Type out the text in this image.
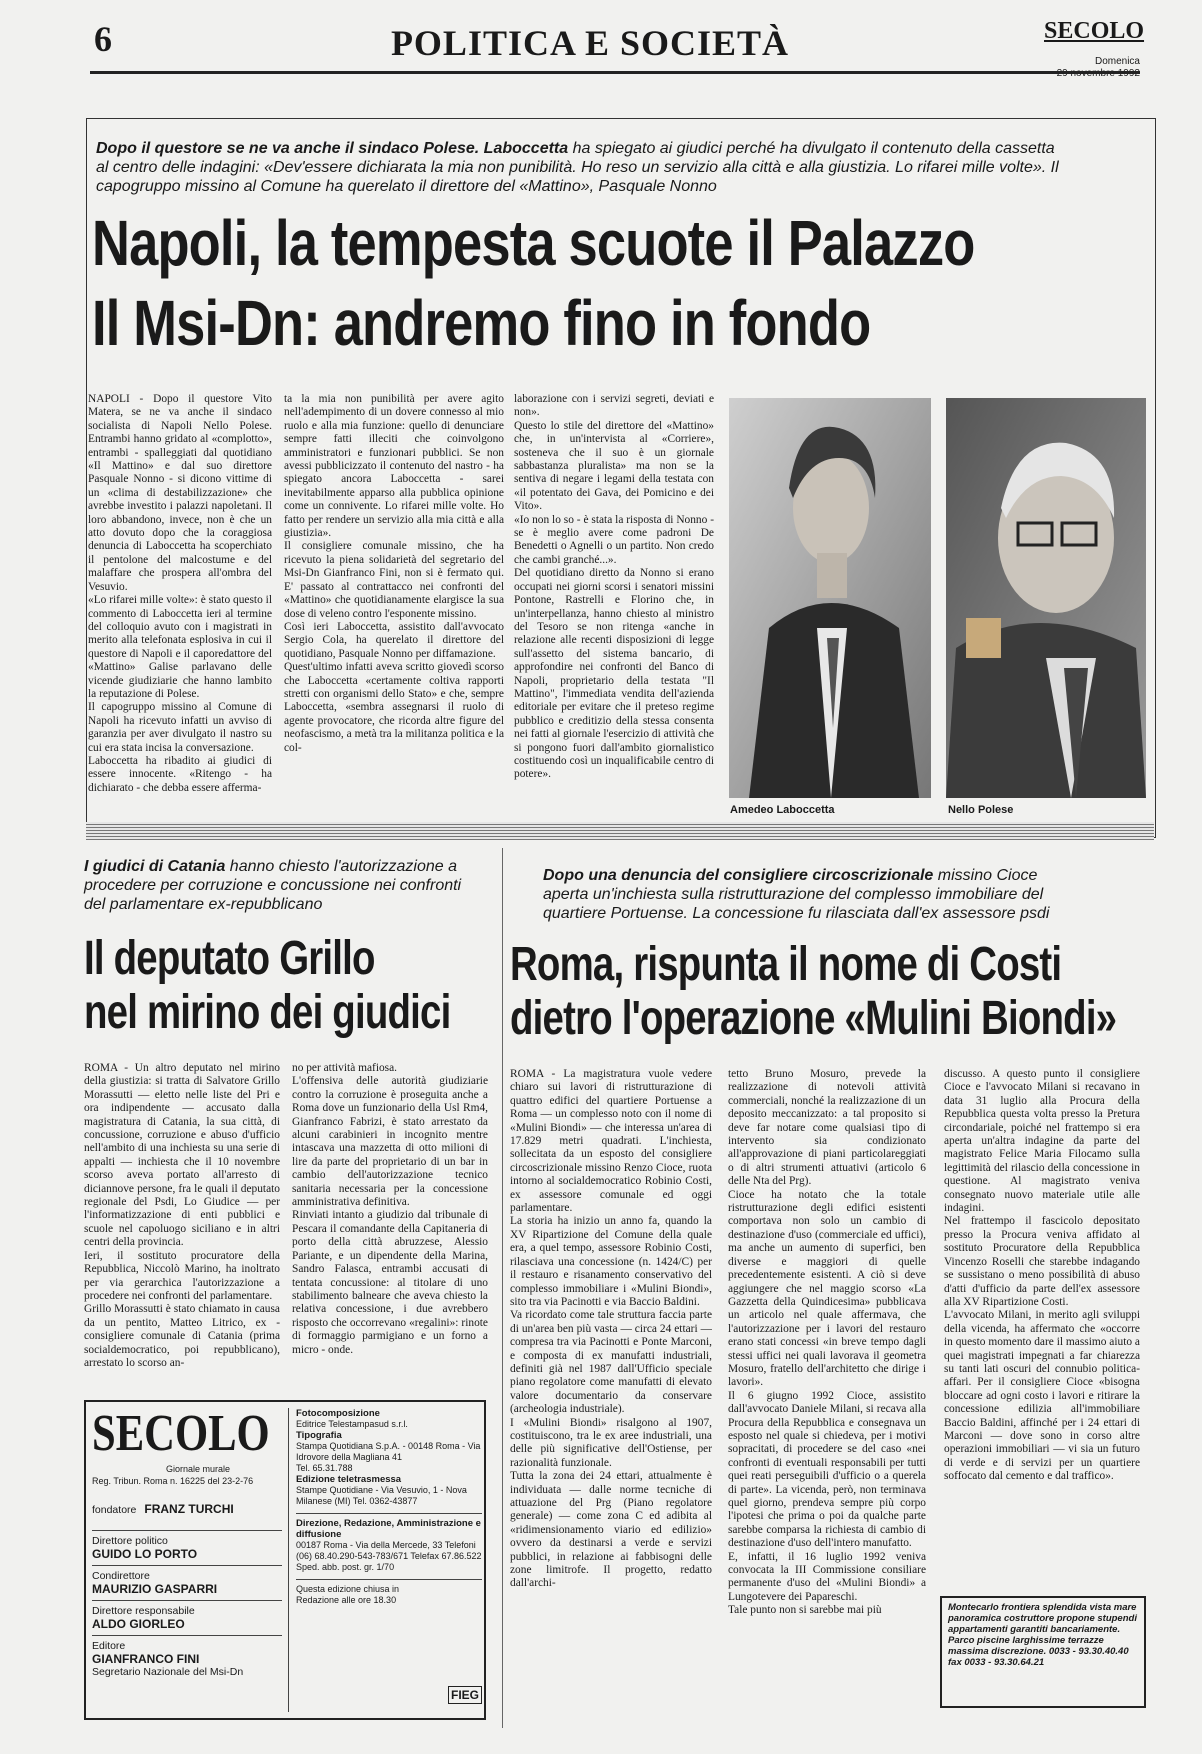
6	POLITICA E SOCIETÀ	SECOLO
Domenica
Dopo il questore se ne va anche il sindaco Polese. Laboccetta ha spiegato ai giudici perché ha divulgato il contenuto della cassetta al centro delle indagini: «Dev'essere dichiarata la mia non punibilità. Ho reso un servizio alla città e alla giustizia. Lo rifarei mille volte». Il capogruppo missino al Comune ha querelato il direttore del «Mattino», Pasquale Nonno
Napoli, la tempesta scuote il Palazzo
Il Msi-Dn: andremo fino in fondo
NAPOLI - Dopo il questore Vito Matera, se ne va anche il sindaco socialista di Napoli Nello Polese. Entrambi hanno gridato al «complotto», entrambi - spalleggiati dal quotidiano «Il Mattino» e dal suo direttore Pasquale Nonno - si dicono vittime di un «clima di destabilizzazione» che avrebbe investito i palazzi napoletani. Il loro abbandono, invece, non è che un atto dovuto dopo che la coraggiosa denuncia di Laboccetta ha scoperchiato il pentolone del malcostume e del malaffare che prospera all'ombra del Vesuvio.
«Lo rifarei mille volte»: è stato questo il commento di Laboccetta ieri al termine del colloquio avuto con i magistrati in merito alla telefonata esplosiva in cui il questore di Napoli e il caporedattore del «Mattino» Galise parlavano delle vicende giudiziarie che hanno lambito la reputazione di Polese.
Il capogruppo missino al Comune di Napoli ha ricevuto infatti un avviso di garanzia per aver divulgato il nastro su cui era stata incisa la conversazione.
Laboccetta ha ribadito ai giudici di essere innocente. «Ritengo - ha dichiarato - che debba essere afferma-
ta la mia non punibilità per avere agito nell'adempimento di un dovere connesso al mio ruolo e alla mia funzione: quello di denunciare sempre fatti illeciti che coinvolgono amministratori e funzionari pubblici. Se non avessi pubblicizzato il contenuto del nastro - ha spiegato ancora Laboccetta - sarei inevitabilmente apparso alla pubblica opinione come un connivente. Lo rifarei mille volte. Ho fatto per rendere un servizio alla mia città e alla giustizia».
Il consigliere comunale missino, che ha ricevuto la piena solidarietà del segretario del Msi-Dn Gianfranco Fini, non si è fermato qui. E' passato al contrattacco nei confronti del «Mattino» che quotidianamente elargisce la sua dose di veleno contro l'esponente missino.
Così ieri Laboccetta, assistito dall'avvocato Sergio Cola, ha querelato il direttore del quotidiano, Pasquale Nonno per diffamazione.
Quest'ultimo infatti aveva scritto giovedì scorso che Laboccetta «certamente coltiva rapporti stretti con organismi dello Stato» e che, sempre Laboccetta, «sembra assegnarsi il ruolo di agente provocatore, che ricorda altre figure del neofascismo, a metà tra la militanza politica e la col-
laborazione con i servizi segreti, deviati e non».
Questo lo stile del direttore del «Mattino» che, in un'intervista al «Corriere», sosteneva che il suo è un giornale sabbastanza pluralista» ma non se la sentiva di negare i legami della testata con «il potentato dei Gava, dei Pomicino e dei Vito».
«Io non lo so - è stata la risposta di Nonno - se è meglio avere come padroni De Benedetti o Agnelli o un partito. Non credo che cambi granché...».
Del quotidiano diretto da Nonno si erano occupati nei giorni scorsi i senatori missini Pontone, Rastrelli e Florino che, in un'interpellanza, hanno chiesto al ministro del Tesoro se non ritenga «anche in relazione alle recenti disposizioni di legge sull'assetto del sistema bancario, di approfondire nei confronti del Banco di Napoli, proprietario della testata "Il Mattino", l'immediata vendita dell'azienda editoriale per evitare che il preteso regime pubblico e creditizio della stessa consenta nei fatti al giornale l'esercizio di attività che si pongono fuori dall'ambito giornalistico costituendo così un inqualificabile centro di potere».
Amedeo Laboccetta	Nello Polese
I giudici di Catania hanno chiesto l'autorizzazione a procedere per corruzione e concussione nei confronti del parlamentare ex-repubblicano
Il deputato Grillo
nel mirino dei giudici
ROMA - Un altro deputato nel mirino della giustizia: si tratta di Salvatore Grillo Morassutti — eletto nelle liste del Pri e ora indipendente — accusato dalla magistratura di Catania, la sua città, di concussione, corruzione e abuso d'ufficio nell'ambito di una inchiesta su una serie di appalti — inchiesta che il 10 novembre scorso aveva portato all'arresto di diciannove persone, fra le quali il deputato regionale del Psdi, Lo Giudice — per l'informatizzazione di enti pubblici e scuole nel capoluogo siciliano e in altri centri della provincia.
Ieri, il sostituto procuratore della Repubblica, Niccolò Marino, ha inoltrato per via gerarchica l'autorizzazione a procedere nei confronti del parlamentare.
Grillo Morassutti è stato chiamato in causa da un pentito, Matteo Litrico, ex - consigliere comunale di Catania (prima socialdemocratico, poi repubblicano), arrestato lo scorso an-
no per attività mafiosa.
L'offensiva delle autorità giudiziarie contro la corruzione è proseguita anche a Roma dove un funzionario della Usl Rm4, Gianfranco Fabrizi, è stato arrestato da alcuni carabinieri in incognito mentre intascava una mazzetta di otto milioni di lire da parte del proprietario di un bar in cambio dell'autorizzazione tecnico sanitaria necessaria per la concessione amministrativa definitiva.
Rinviati intanto a giudizio dal tribunale di Pescara il comandante della Capitaneria di porto della città abruzzese, Alessio Pariante, e un dipendente della Marina, Sandro Falasca, entrambi accusati di tentata concussione: al titolare di uno stabilimento balneare che aveva chiesto la relativa concessione, i due avrebbero risposto che occorrevano «regalini»: rinote di formaggio parmigiano e un forno a micro - onde.
SECOLO
Giornale murale
Reg. Tribun. Roma n. 16225 del 23-2-76
fondatore FRANZ TURCHI
Direttore politico
GUIDO LO PORTO
Condirettore
MAURIZIO GASPARRI
Direttore responsabile
ALDO GIORLEO
Editore
GIANFRANCO FINI
Segretario Nazionale del Msi-Dn
Fotocomposizione
Editrice Telestampasud s.r.l.
Tipografia
Stampa Quotidiana S.p.A. - 00148 Roma - Via Idrovore della Magliana 41
Tel. 65.31.788
Edizione teletrasmessa
Stampe Quotidiane - Via Vesuvio, 1 - Nova Milanese (MI) Tel. 0362-43877
Direzione, Redazione, Amministrazione e diffusione
00187 Roma - Via della Mercede, 33 Telefoni (06) 68.40.290-543-783/671 Telefax 67.86.522
Sped. abb. post. gr. 1/70
Questa edizione chiusa in Redazione alle ore 18.30
FIEG
Dopo una denuncia del consigliere circoscrizionale missino Cioce aperta un'inchiesta sulla ristrutturazione del complesso immobiliare del quartiere Portuense. La concessione fu rilasciata dall'ex assessore psdi
Roma, rispunta il nome di Costi
dietro l'operazione «Mulini Biondi»
ROMA - La magistratura vuole vedere chiaro sui lavori di ristrutturazione di quattro edifici del quartiere Portuense a Roma — un complesso noto con il nome di «Mulini Biondi» — che interessa un'area di 17.829 metri quadrati. L'inchiesta, sollecitata da un esposto del consigliere circoscrizionale missino Renzo Cioce, ruota intorno al socialdemocratico Robinio Costi, ex assessore comunale ed oggi parlamentare.
La storia ha inizio un anno fa, quando la XV Ripartizione del Comune della quale era, a quel tempo, assessore Robinio Costi, rilasciava una concessione (n. 1424/C) per il restauro e risanamento conservativo del complesso immobiliare i «Mulini Biondi», sito tra via Pacinotti e via Baccio Baldini.
Va ricordato come tale struttura faccia parte di un'area ben più vasta — circa 24 ettari — compresa tra via Pacinotti e Ponte Marconi, e composta di ex manufatti industriali, definiti già nel 1987 dall'Ufficio speciale piano regolatore come manufatti di elevato valore documentario da conservare (archeologia industriale).
I «Mulini Biondi» risalgono al 1907, costituiscono, tra le ex aree industriali, una delle più significative dell'Ostiense, per razionalità funzionale.
Tutta la zona dei 24 ettari, attualmente è individuata — dalle norme tecniche di attuazione del Prg (Piano regolatore generale) — come zona C ed adibita al «ridimensionamento viario ed edilizio» ovvero da destinarsi a verde e servizi pubblici, in relazione ai fabbisogni delle zone limitrofe. Il progetto, redatto dall'archi-
tetto Bruno Mosuro, prevede la realizzazione di notevoli attività commerciali, nonché la realizzazione di un deposito meccanizzato: a tal proposito si deve far notare come qualsiasi tipo di intervento sia condizionato all'approvazione di piani particolareggiati o di altri strumenti attuativi (articolo 6 delle Nta del Prg).
Cioce ha notato che la totale ristrutturazione degli edifici esistenti comportava non solo un cambio di destinazione d'uso (commerciale ed uffici), ma anche un aumento di superfici, ben diverse e maggiori di quelle precedentemente esistenti. A ciò si deve aggiungere che nel maggio scorso «La Gazzetta della Quindicesima» pubblicava un articolo nel quale affermava, che l'autorizzazione per i lavori del restauro erano stati concessi «in breve tempo dagli stessi uffici nei quali lavorava il geometra Mosuro, fratello dell'architetto che dirige i lavori».
Il 6 giugno 1992 Cioce, assistito dall'avvocato Daniele Milani, si recava alla Procura della Repubblica e consegnava un esposto nel quale si chiedeva, per i motivi sopracitati, di procedere se del caso «nei confronti di eventuali responsabili per tutti quei reati perseguibili d'ufficio o a querela di parte». La vicenda, però, non terminava quel giorno, prendeva sempre più corpo l'ipotesi che prima o poi da qualche parte sarebbe comparsa la richiesta di cambio di destinazione d'uso dell'intero manufatto.
E, infatti, il 16 luglio 1992 veniva convocata la III Commissione consiliare permanente d'uso del «Mulini Biondi» a Lungotevere dei Papareschi.
Tale punto non si sarebbe mai più
discusso. A questo punto il consigliere Cioce e l'avvocato Milani si recavano in data 31 luglio alla Procura della Repubblica questa volta presso la Pretura circondariale, poiché nel frattempo si era aperta un'altra indagine da parte del magistrato Felice Maria Filocamo sulla legittimità del rilascio della concessione in questione. Al magistrato veniva consegnato nuovo materiale utile alle indagini.
Nel frattempo il fascicolo depositato presso la Procura veniva affidato al sostituto Procuratore della Repubblica Vincenzo Roselli che starebbe indagando se sussistano o meno possibilità di abuso d'atti d'ufficio da parte dell'ex assessore alla XV Ripartizione Costi.
L'avvocato Milani, in merito agli sviluppi della vicenda, ha affermato che «occorre in questo momento dare il massimo aiuto a quei magistrati impegnati a far chiarezza su tanti lati oscuri del connubio politica-affari. Per il consigliere Cioce «bisogna bloccare ad ogni costo i lavori e ritirare la concessione edilizia all'immobiliare Baccio Baldini, affinché per i 24 ettari di Marconi — dove sono in corso altre operazioni immobiliari — vi sia un futuro di verde e di servizi per un quartiere soffocato dal cemento e dal traffico».
Montecarlo frontiera splendida vista mare panoramica costruttore propone stupendi appartamenti garantiti bancariamente. Parco piscine larghissime terrazze massima discrezione. 0033 - 93.30.40.40 fax 0033 - 93.30.64.21
